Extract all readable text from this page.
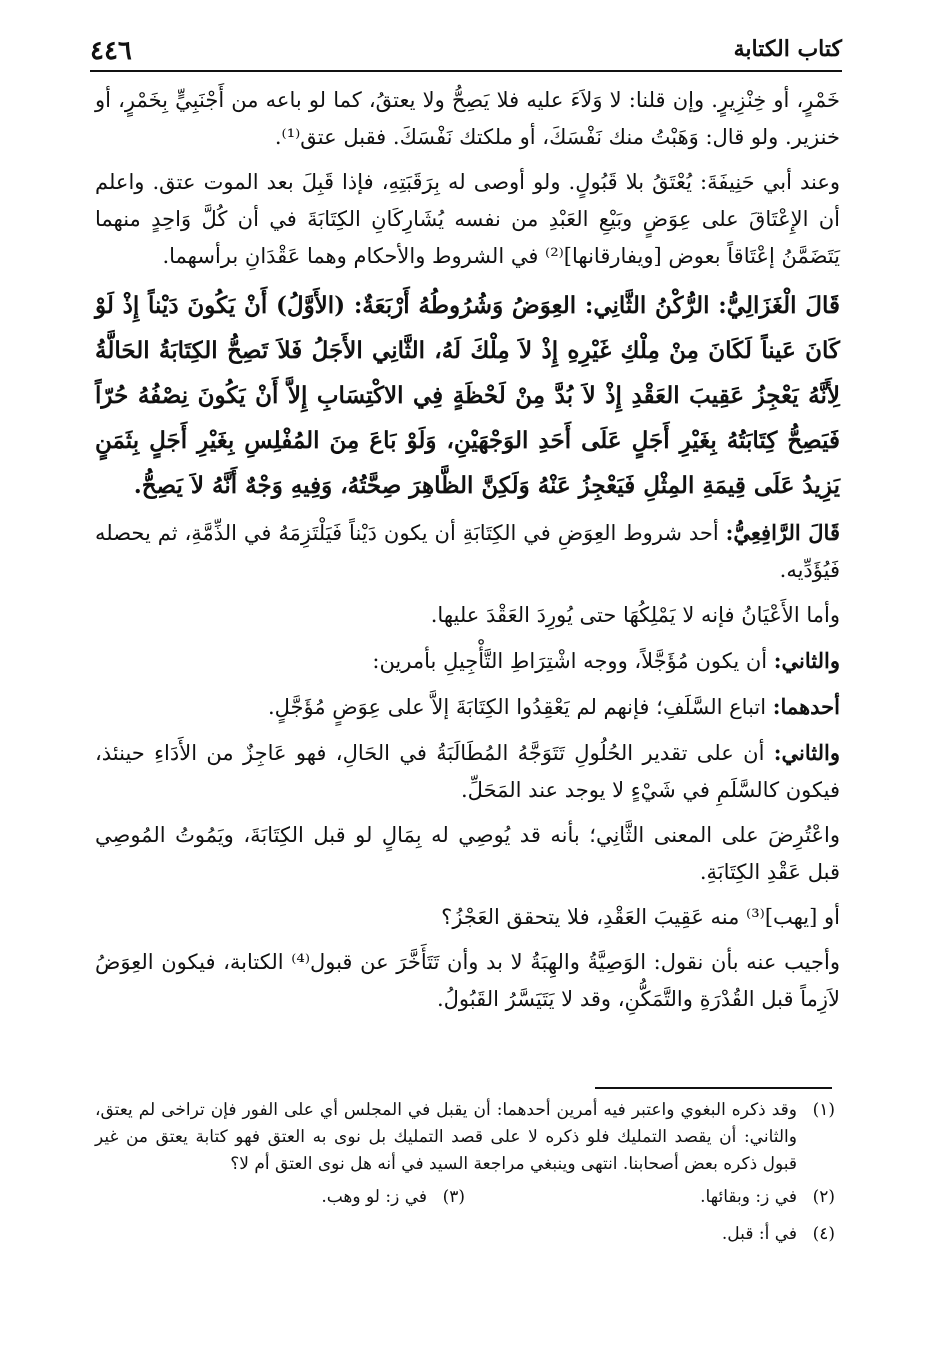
٤٤٦	كتاب الكتابة

خَمْرٍ، أو خِنْزِيرٍ. وإن قلنا: لا وَلاَءَ عليه فلا يَصِحُّ ولا يعتقُ، كما لو باعه من أَجْنَبِيٍّ بِخَمْرٍ، أو خنزير. ولو قال: وَهَبْتُ منك نَفْسَكَ، أو ملكتك نَفْسَكَ. فقبل عتق⁽¹⁾.

وعند أبي حَنِيفَةَ: يُعْتَقُ بلا قَبُولٍ. ولو أوصى له بِرَقَبَتِهِ، فإذا قَبِلَ بعد الموت عتق. واعلم أن الإِعْتَاقَ على عِوَضٍ وبَيْعِ العَبْدِ من نفسه يُشَارِكَانِ الكِتَابَةَ في أن كُلَّ وَاحِدٍ منهما يَتَضَمَّنُ إعْتَاقاً بعوض [ويفارقانها]⁽²⁾ في الشروط والأحكام وهما عَقْدَانِ برأسهما.

قَالَ الْغَزَالِيُّ: الرُّكْنُ الثَّانِي: العِوَضُ وَشُرُوطُهُ أَرْبَعَةٌ: (الأَوَّلُ) أَنْ يَكُونَ دَيْناً إِذْ لَوْ كَانَ عَيناً لَكَانَ مِنْ مِلْكِ غَيْرِهِ إِذْ لاَ مِلْكَ لَهُ، الثَّانِي الأَجَلُ فَلاَ تَصِحُّ الكِتَابَةُ الحَالَّةُ لِأَنَّهُ يَعْجِزُ عَقِيبَ العَقْدِ إِذْ لاَ بُدَّ مِنْ لَحْظَةٍ فِي الاكْتِسَابِ إِلاَّ أَنْ يَكُونَ نِصْفُهُ حُرّاً فَيَصِحُّ كِتَابَتُهُ بِغَيْرِ أَجَلٍ عَلَى أَحَدِ الوَجْهَيْنِ، وَلَوْ بَاعَ مِنَ المُفْلِسِ بِغَيْرِ أَجَلٍ بِثَمَنٍ يَزِيدُ عَلَى قِيمَةِ المِثْلِ فَيَعْجِزُ عَنْهُ وَلَكِنَّ الظَّاهِرَ صِحَّتُهُ، وَفِيهِ وَجْهٌ أَنَّهُ لاَ يَصِحُّ.

قَالَ الرَّافِعِيُّ: أحد شروط العِوَضِ في الكِتَابَةِ أن يكون دَيْناً فَيَلْتَزِمَهُ في الذِّمَّةِ، ثم يحصله فَيُؤَدِّيه.

وأما الأَعْيَانُ فإنه لا يَمْلِكُهَا حتى يُورِدَ العَقْدَ عليها.

والثاني: أن يكون مُؤَجَّلاً، ووجه اشْتِرَاطِ التَّأْجِيلِ بأمرين:

أحدهما: اتباع السَّلَفِ؛ فإنهم لم يَعْقِدُوا الكِتَابَةَ إلاَّ على عِوَضٍ مُؤَجَّلٍ.

والثاني: أن على تقدير الحُلُولِ تَتَوَجَّهُ المُطَالَبَةُ في الحَالِ، فهو عَاجِزٌ من الأَدَاءِ حينئذ، فيكون كالسَّلَمِ في شَيْءٍ لا يوجد عند المَحَلِّ.

واعْتُرِضَ على المعنى الثَّانِي؛ بأنه قد يُوصِي له بِمَالٍ لو قبل الكِتَابَةَ، ويَمُوتُ المُوصِي قبل عَقْدِ الكِتَابَةِ.

أو [يهب]⁽³⁾ منه عَقِيبَ العَقْدِ، فلا يتحقق العَجْزُ؟

وأجيب عنه بأن نقول: الوَصِيَّةُ والهِبَةُ لا بد وأن تَتَأَخَّرَ عن قبول⁽⁴⁾ الكتابة، فيكون العِوَضُ لاَزِماً قبل القُدْرَةِ والتَّمَكُّنِ، وقد لا يَتَيَسَّرُ القَبُولُ.

(١)
وقد ذكره البغوي واعتبر فيه أمرين أحدهما: أن يقبل في المجلس أي على الفور فإن تراخى لم يعتق، والثاني: أن يقصد التمليك فلو ذكره لا على قصد التمليك بل نوى به العتق فهو كتابة يعتق من غير قبول ذكره بعض أصحابنا. انتهى وينبغي مراجعة السيد في أنه هل نوى العتق أم لا؟
(٢)
في ز: وبقائها.
(٣)
في ز: لو وهب.
(٤)
في أ: قبل.
